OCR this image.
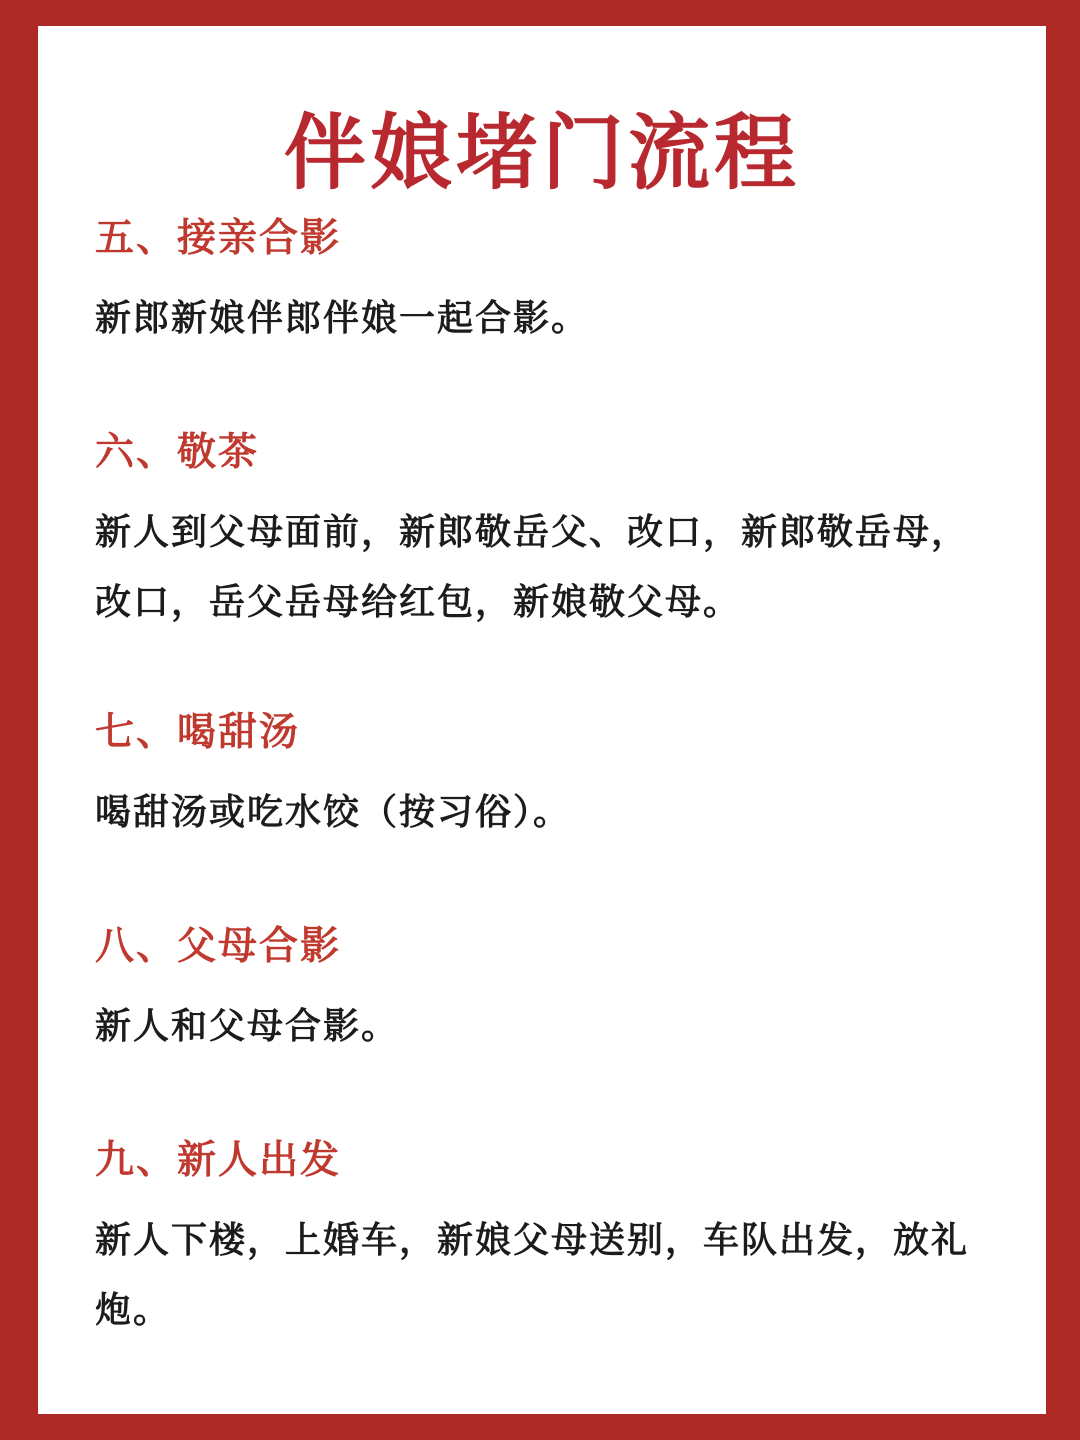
伴娘堵门流程
五、接亲合影

新郎新娘伴郎伴娘一起合影。

六、敬茶

新人到父母面前，新郎敬岳父、改口，新郎敬岳母，改口，岳父岳母给红包，新娘敬父母。

七、喝甜汤

喝甜汤或吃水饺（按习俗）。

八、父母合影

新人和父母合影。

九、新人出发

新人下楼，上婚车，新娘父母送别，车队出发，放礼炮。
